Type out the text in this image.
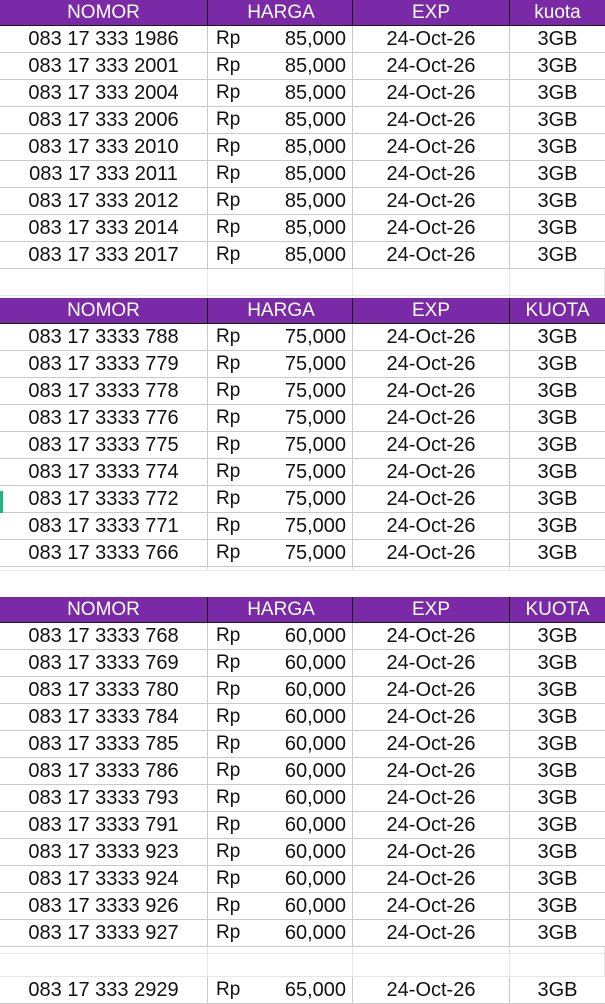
NOMOR	HARGA	EXP	kuota
083 17 333 1986	Rp 85,000	24-Oct-26	3GB
083 17 333 2001	Rp 85,000	24-Oct-26	3GB
083 17 333 2004	Rp 85,000	24-Oct-26	3GB
083 17 333 2006	Rp 85,000	24-Oct-26	3GB
083 17 333 2010	Rp 85,000	24-Oct-26	3GB
083 17 333 2011	Rp 85,000	24-Oct-26	3GB
083 17 333 2012	Rp 85,000	24-Oct-26	3GB
083 17 333 2014	Rp 85,000	24-Oct-26	3GB
083 17 333 2017	Rp 85,000	24-Oct-26	3GB
NOMOR	HARGA	EXP	KUOTA
083 17 3333 788	Rp 75,000	24-Oct-26	3GB
083 17 3333 779	Rp 75,000	24-Oct-26	3GB
083 17 3333 778	Rp 75,000	24-Oct-26	3GB
083 17 3333 776	Rp 75,000	24-Oct-26	3GB
083 17 3333 775	Rp 75,000	24-Oct-26	3GB
083 17 3333 774	Rp 75,000	24-Oct-26	3GB
083 17 3333 772	Rp 75,000	24-Oct-26	3GB
083 17 3333 771	Rp 75,000	24-Oct-26	3GB
083 17 3333 766	Rp 75,000	24-Oct-26	3GB
NOMOR	HARGA	EXP	KUOTA
083 17 3333 768	Rp 60,000	24-Oct-26	3GB
083 17 3333 769	Rp 60,000	24-Oct-26	3GB
083 17 3333 780	Rp 60,000	24-Oct-26	3GB
083 17 3333 784	Rp 60,000	24-Oct-26	3GB
083 17 3333 785	Rp 60,000	24-Oct-26	3GB
083 17 3333 786	Rp 60,000	24-Oct-26	3GB
083 17 3333 793	Rp 60,000	24-Oct-26	3GB
083 17 3333 791	Rp 60,000	24-Oct-26	3GB
083 17 3333 923	Rp 60,000	24-Oct-26	3GB
083 17 3333 924	Rp 60,000	24-Oct-26	3GB
083 17 3333 926	Rp 60,000	24-Oct-26	3GB
083 17 3333 927	Rp 60,000	24-Oct-26	3GB
083 17 333 2929	Rp 65,000	24-Oct-26	3GB
